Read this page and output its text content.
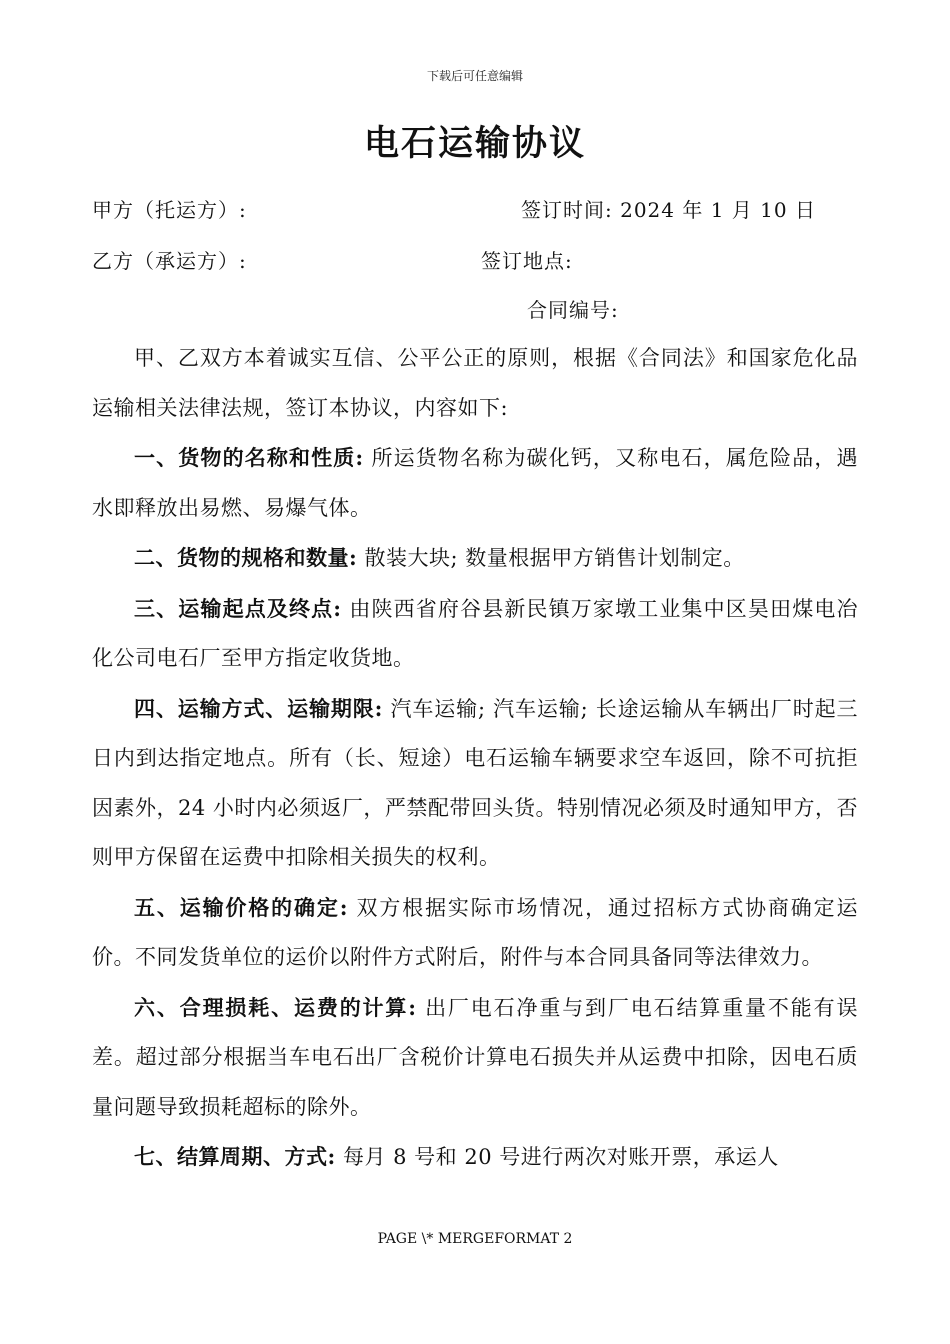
下载后可任意编辑
电石运输协议
甲方（托运方）:	签订时间: 2024 年 1 月 10 日
乙方（承运方）:	签订地点:
合同编号:

甲、乙双方本着诚实互信、公平公正的原则，根据《合同法》和国家危化品运输相关法律法规，签订本协议，内容如下:

一、货物的名称和性质: 所运货物名称为碳化钙，又称电石，属危险品，遇水即释放出易燃、易爆气体。

二、货物的规格和数量: 散装大块; 数量根据甲方销售计划制定。

三、运输起点及终点: 由陕西省府谷县新民镇万家墩工业集中区昊田煤电冶化公司电石厂至甲方指定收货地。

四、运输方式、运输期限: 汽车运输; 汽车运输; 长途运输从车辆出厂时起三日内到达指定地点。所有（长、短途）电石运输车辆要求空车返回，除不可抗拒因素外，24 小时内必须返厂，严禁配带回头货。特别情况必须及时通知甲方，否则甲方保留在运费中扣除相关损失的权利。

五、运输价格的确定: 双方根据实际市场情况，通过招标方式协商确定运价。不同发货单位的运价以附件方式附后，附件与本合同具备同等法律效力。

六、合理损耗、运费的计算: 出厂电石净重与到厂电石结算重量不能有误差。超过部分根据当车电石出厂含税价计算电石损失并从运费中扣除，因电石质量问题导致损耗超标的除外。

七、结算周期、方式: 每月 8 号和 20 号进行两次对账开票，承运人

PAGE \* MERGEFORMAT 2
